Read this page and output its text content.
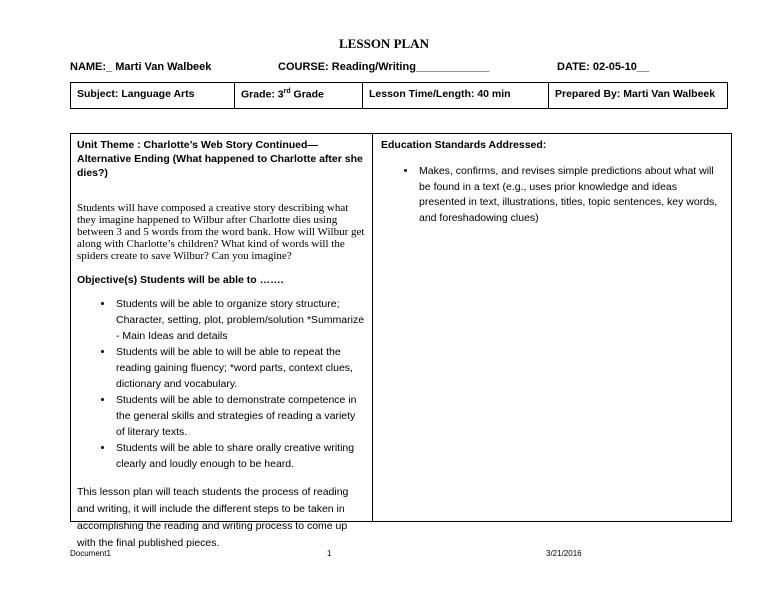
LESSON PLAN
NAME:_ Marti Van Walbeek	COURSE: Reading/Writing____________	DATE: 02-05-10__
Subject: Language Arts	Grade: 3rd Grade	Lesson Time/Length: 40 min	Prepared By: Marti Van Walbeek
Unit Theme : Charlotte’s Web Story Continued—Alternative Ending (What happened to Charlotte after she dies?)
Students will have composed a creative story describing what they imagine happened to Wilbur after Charlotte dies using between 3 and 5 words from the word bank. How will Wilbur get along with Charlotte’s children? What kind of words will the spiders create to save Wilbur? Can you imagine?
Objective(s) Students will be able to …….
• Students will be able to organize story structure; Character, setting, plot, problem/solution *Summarize - Main Ideas and details
• Students will be able to will be able to repeat the reading gaining fluency; *word parts, context clues, dictionary and vocabulary.
• Students will be able to demonstrate competence in the general skills and strategies of reading a variety of literary texts.
• Students will be able to share orally creative writing clearly and loudly enough to be heard.
This lesson plan will teach students the process of reading and writing, it will include the different steps to be taken in accomplishing the reading and writing process to come up with the final published pieces.
Education Standards Addressed:
• Makes, confirms, and revises simple predictions about what will be found in a text (e.g., uses prior knowledge and ideas presented in text, illustrations, titles, topic sentences, key words, and foreshadowing clues)
Document1	1	3/21/2016
